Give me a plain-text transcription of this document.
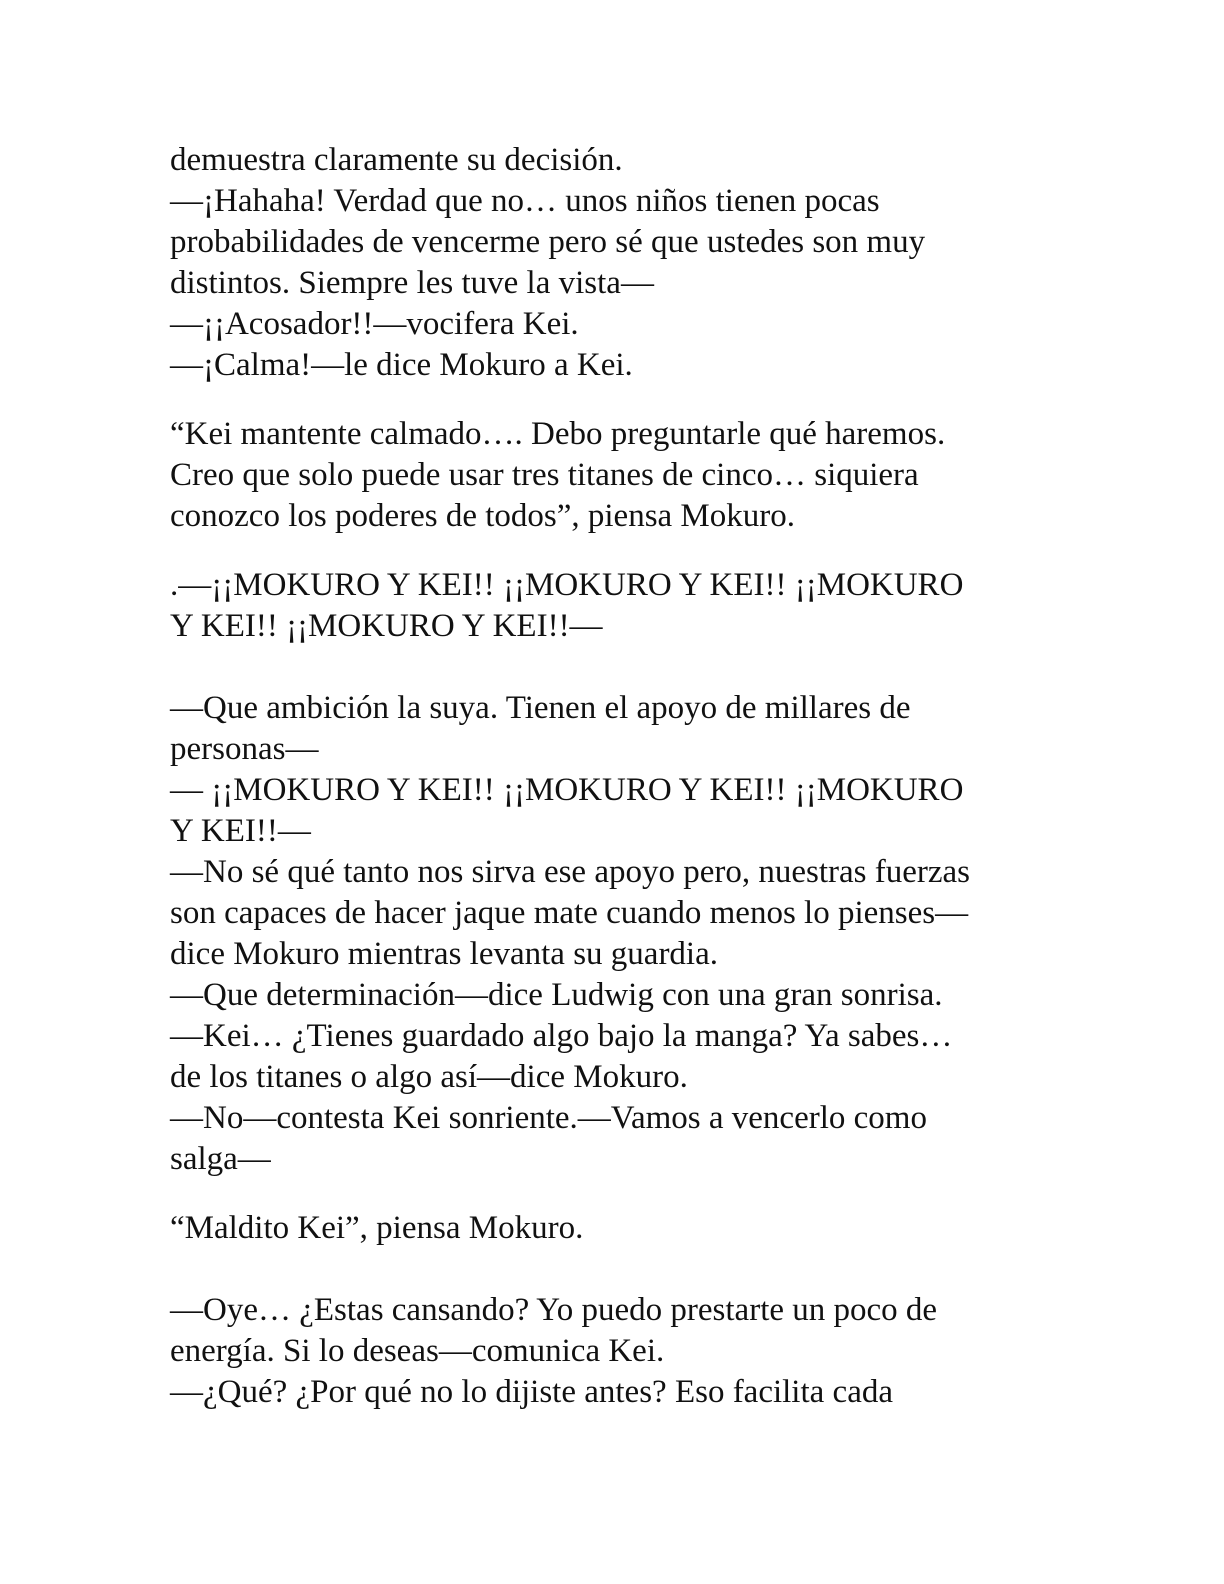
demuestra claramente su decisión.
—¡Hahaha! Verdad que no… unos niños tienen pocas
probabilidades de vencerme pero sé que ustedes son muy
distintos. Siempre les tuve la vista—
—¡¡Acosador!!—vocifera Kei.
—¡Calma!—le dice Mokuro a Kei.
“Kei mantente calmado…. Debo preguntarle qué haremos.
Creo que solo puede usar tres titanes de cinco… siquiera
conozco los poderes de todos”, piensa Mokuro.
.—¡¡MOKURO Y KEI!! ¡¡MOKURO Y KEI!! ¡¡MOKURO
Y KEI!! ¡¡MOKURO Y KEI!!—
—Que ambición la suya. Tienen el apoyo de millares de
personas—
— ¡¡MOKURO Y KEI!! ¡¡MOKURO Y KEI!! ¡¡MOKURO
Y KEI!!—
—No sé qué tanto nos sirva ese apoyo pero, nuestras fuerzas
son capaces de hacer jaque mate cuando menos lo pienses—
dice Mokuro mientras levanta su guardia.
—Que determinación—dice Ludwig con una gran sonrisa.
—Kei… ¿Tienes guardado algo bajo la manga? Ya sabes…
de los titanes o algo así—dice Mokuro.
—No—contesta Kei sonriente.—Vamos a vencerlo como
salga—
“Maldito Kei”, piensa Mokuro.
—Oye… ¿Estas cansando? Yo puedo prestarte un poco de
energía. Si lo deseas—comunica Kei.
—¿Qué? ¿Por qué no lo dijiste antes? Eso facilita cada
